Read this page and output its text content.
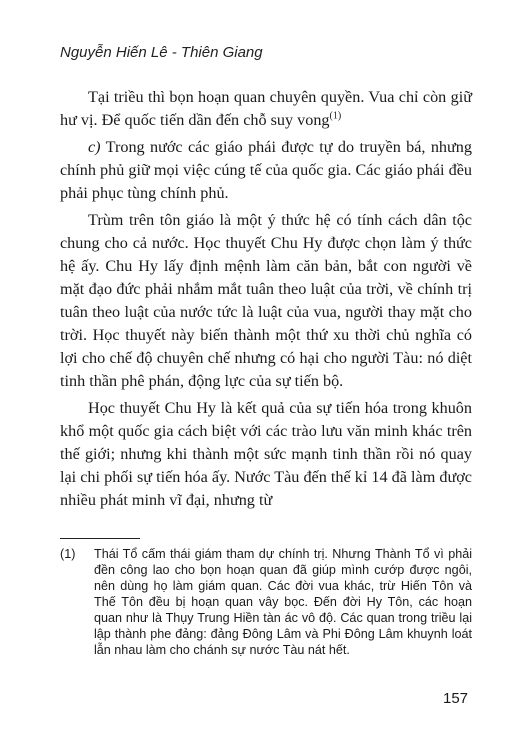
Nguyễn Hiến Lê - Thiên Giang

Tại triều thì bọn hoạn quan chuyên quyền. Vua chỉ còn giữ hư vị. Để quốc tiến dần đến chỗ suy vong$^{(1)}$

c) Trong nước các giáo phái được tự do truyền bá, nhưng chính phủ giữ mọi việc cúng tế của quốc gia. Các giáo phái đều phải phục tùng chính phủ.

Trùm trên tôn giáo là một ý thức hệ có tính cách dân tộc chung cho cả nước. Học thuyết Chu Hy được chọn làm ý thức hệ ấy. Chu Hy lấy định mệnh làm căn bản, bắt con người về mặt đạo đức phải nhắm mắt tuân theo luật của trời, về chính trị tuân theo luật của nước tức là luật của vua, người thay mặt cho trời. Học thuyết này biến thành một thứ xu thời chủ nghĩa có lợi cho chế độ chuyên chế nhưng có hại cho người Tàu: nó diệt tinh thần phê phán, động lực của sự tiến bộ.

Học thuyết Chu Hy là kết quả của sự tiến hóa trong khuôn khổ một quốc gia cách biệt với các trào lưu văn minh khác trên thế giới; nhưng khi thành một sức mạnh tinh thần rồi nó quay lại chi phối sự tiến hóa ấy. Nước Tàu đến thế kỉ 14 đã làm được nhiều phát minh vĩ đại, nhưng từ

(1) Thái Tổ cấm thái giám tham dự chính trị. Nhưng Thành Tổ vì phải đền công lao cho bọn hoạn quan đã giúp mình cướp được ngôi, nên dùng họ làm giám quan. Các đời vua khác, trừ Hiến Tôn và Thế Tôn đều bị hoạn quan vây bọc. Đến đời Hy Tôn, các hoạn quan như là Thụy Trung Hiền tàn ác vô độ. Các quan trong triều lại lập thành phe đảng: đảng Đông Lâm và Phi Đông Lâm khuynh loát lẫn nhau làm cho chánh sự nước Tàu nát hết.
157
